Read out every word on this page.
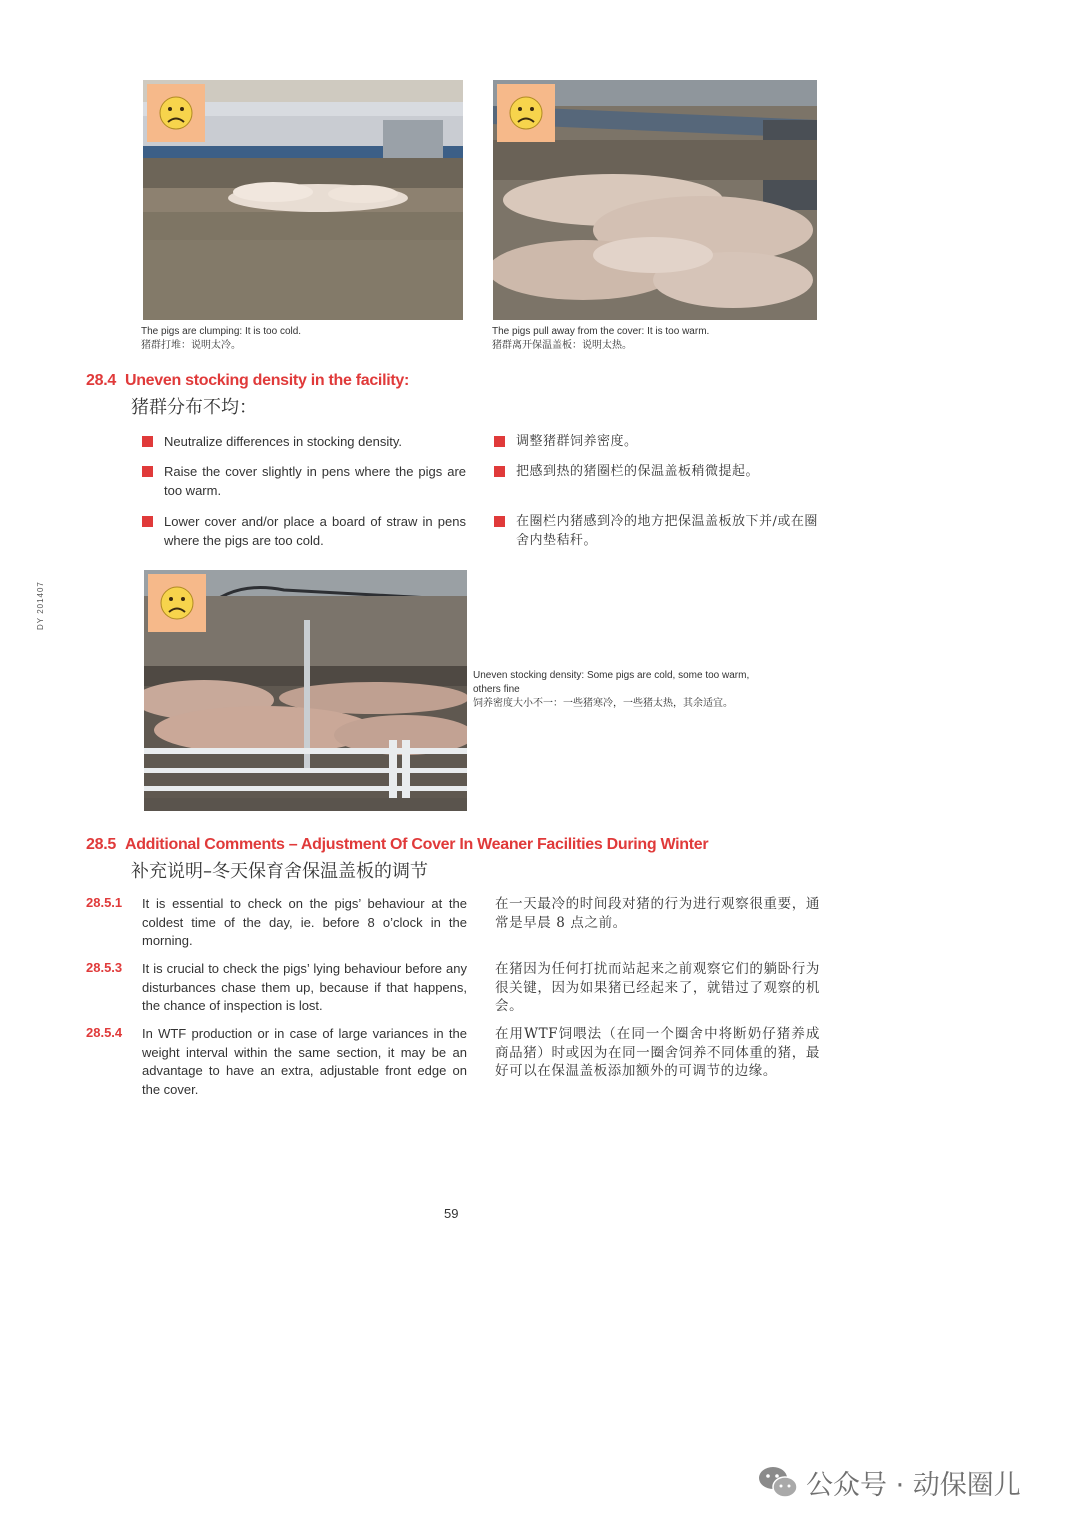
The pigs are clumping: It is too cold.
猪群打堆：说明太冷。
The pigs pull away from the cover: It is too warm.
猪群离开保温盖板：说明太热。
28.4 Uneven stocking density in the facility:
猪群分布不均：
Neutralize differences in stocking density.
Raise the cover slightly in pens where the pigs are too warm.
Lower cover and/or place a board of straw in pens where the pigs are too cold.
调整猪群饲养密度。
把感到热的猪圈栏的保温盖板稍微提起。
在圈栏内猪感到冷的地方把保温盖板放下并/或在圈舍内垫秸秆。
Uneven stocking density: Some pigs are cold, some too warm,
others fine
饲养密度大小不一：一些猪寒冷，一些猪太热，其余适宜。
28.5 Additional Comments – Adjustment Of Cover In Weaner Facilities During Winter
补充说明–冬天保育舍保温盖板的调节
28.5.1 It is essential to check on the pigs’ behaviour at the coldest time of the day, ie. before 8 o’clock in the morning.
在一天最冷的时间段对猪的行为进行观察很重要，通常是早晨 8 点之前。
28.5.3 It is crucial to check the pigs’ lying behaviour before any disturbances chase them up, because if that happens, the chance of inspection is lost.
在猪因为任何打扰而站起来之前观察它们的躺卧行为很关键，因为如果猪已经起来了，就错过了观察的机会。
28.5.4 In WTF production or in case of large variances in the weight interval within the same section, it may be an advantage to have an extra, adjustable front edge on the cover.
在用WTF饲喂法（在同一个圈舍中将断奶仔猪养成商品猪）时或因为在同一圈舍饲养不同体重的猪，最好可以在保温盖板添加额外的可调节的边缘。
DY 201407
59
公众号 · 动保圈儿
